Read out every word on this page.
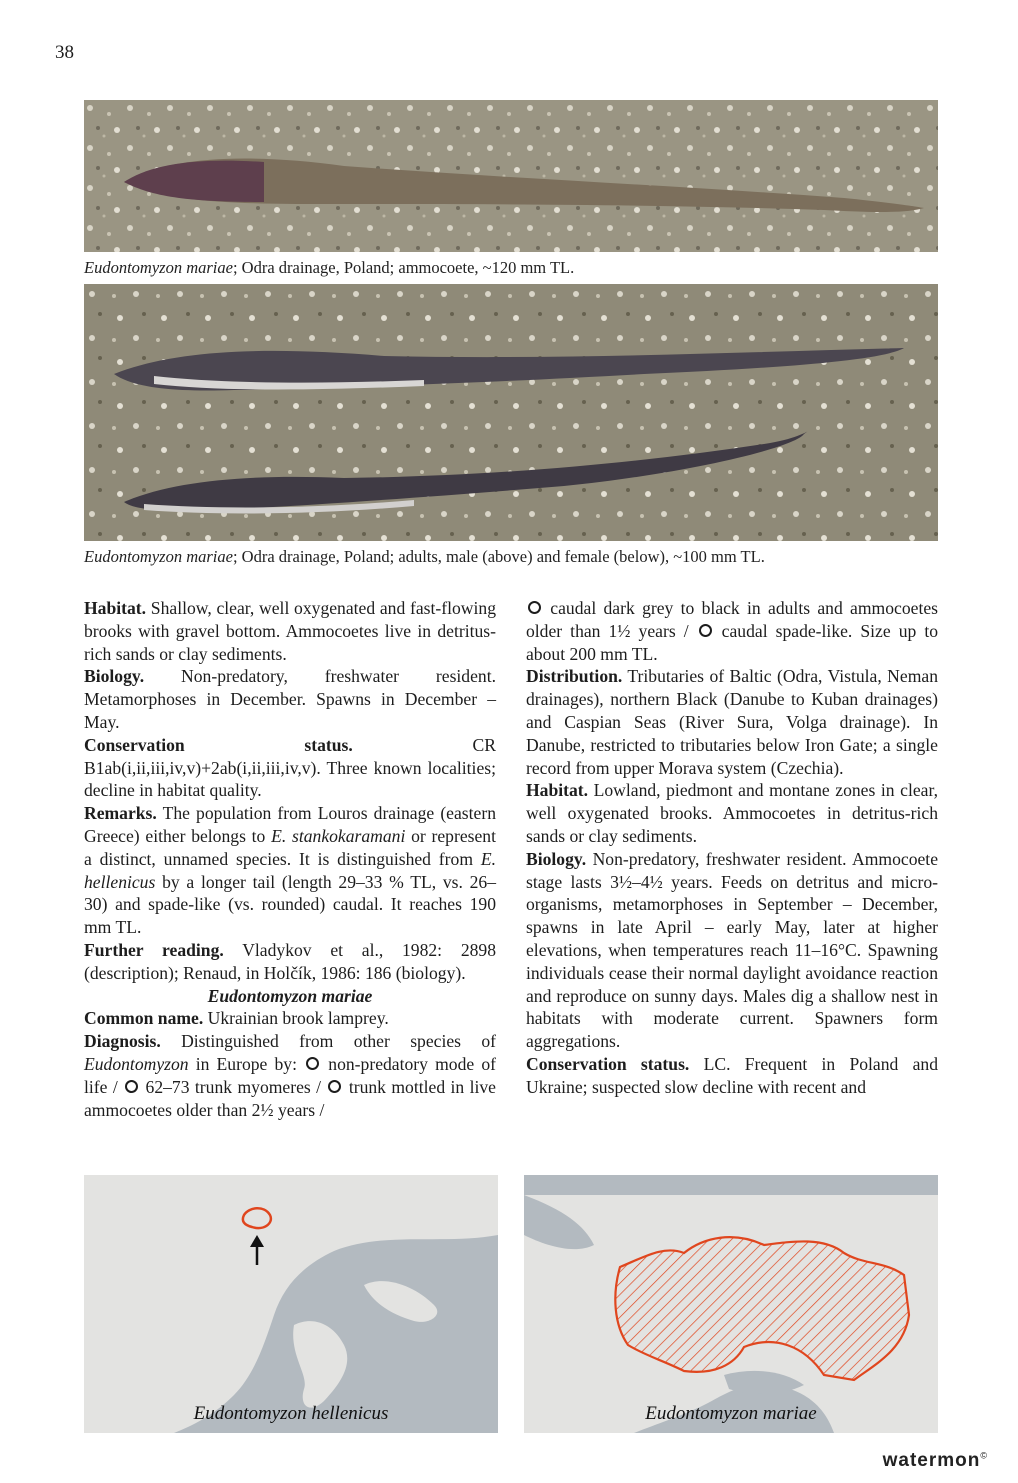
38
Eudontomyzon mariae; Odra drainage, Poland; ammocoete, ~120 mm TL.
Eudontomyzon mariae; Odra drainage, Poland; adults, male (above) and female (below), ~100 mm TL.

Habitat. Shallow, clear, well oxygenated and fast-flowing brooks with gravel bottom. Ammocoetes live in detritus-rich sands or clay sediments.

Biology. Non-predatory, freshwater resident. Metamorphoses in December. Spawns in December – May.

Conservation status. CR B1ab(i,ii,iii,iv,v)+2ab(i,ii,iii,iv,v). Three known localities; decline in habitat quality.

Remarks. The population from Louros drainage (eastern Greece) either belongs to E. stankokaramani or represent a distinct, unnamed species. It is distinguished from E. hellenicus by a longer tail (length 29–33 % TL, vs. 26–30) and spade-like (vs. rounded) caudal. It reaches 190 mm TL.

Further reading. Vladykov et al., 1982: 2898 (description); Renaud, in Holčík, 1986: 186 (biology).

Eudontomyzon mariae

Common name. Ukrainian brook lamprey.

Diagnosis. Distinguished from other species of Eudontomyzon in Europe by:  non-predatory mode of life /  62–73 trunk myomeres /  trunk mottled in live ammocoetes older than 2½ years /

caudal dark grey to black in adults and ammocoetes older than 1½ years /  caudal spade-like. Size up to about 200 mm TL.

Distribution. Tributaries of Baltic (Odra, Vistula, Neman drainages), northern Black (Danube to Kuban drainages) and Caspian Seas (River Sura, Volga drainage). In Danube, restricted to tributaries below Iron Gate; a single record from upper Morava system (Czechia).

Habitat. Lowland, piedmont and montane zones in clear, well oxygenated brooks. Ammocoetes in detritus-rich sands or clay sediments.

Biology. Non-predatory, freshwater resident. Ammocoete stage lasts 3½–4½ years. Feeds on detritus and micro-organisms, metamorphoses in September – December, spawns in late April – early May, later at higher elevations, when temperatures reach 11–16°C. Spawning individuals cease their normal daylight avoidance reaction and reproduce on sunny days. Males dig a shallow nest in habitats with moderate current. Spawners form aggregations.

Conservation status. LC. Frequent in Poland and Ukraine; suspected slow decline with recent and

Eudontomyzon hellenicus	Eudontomyzon mariae
watermon©
